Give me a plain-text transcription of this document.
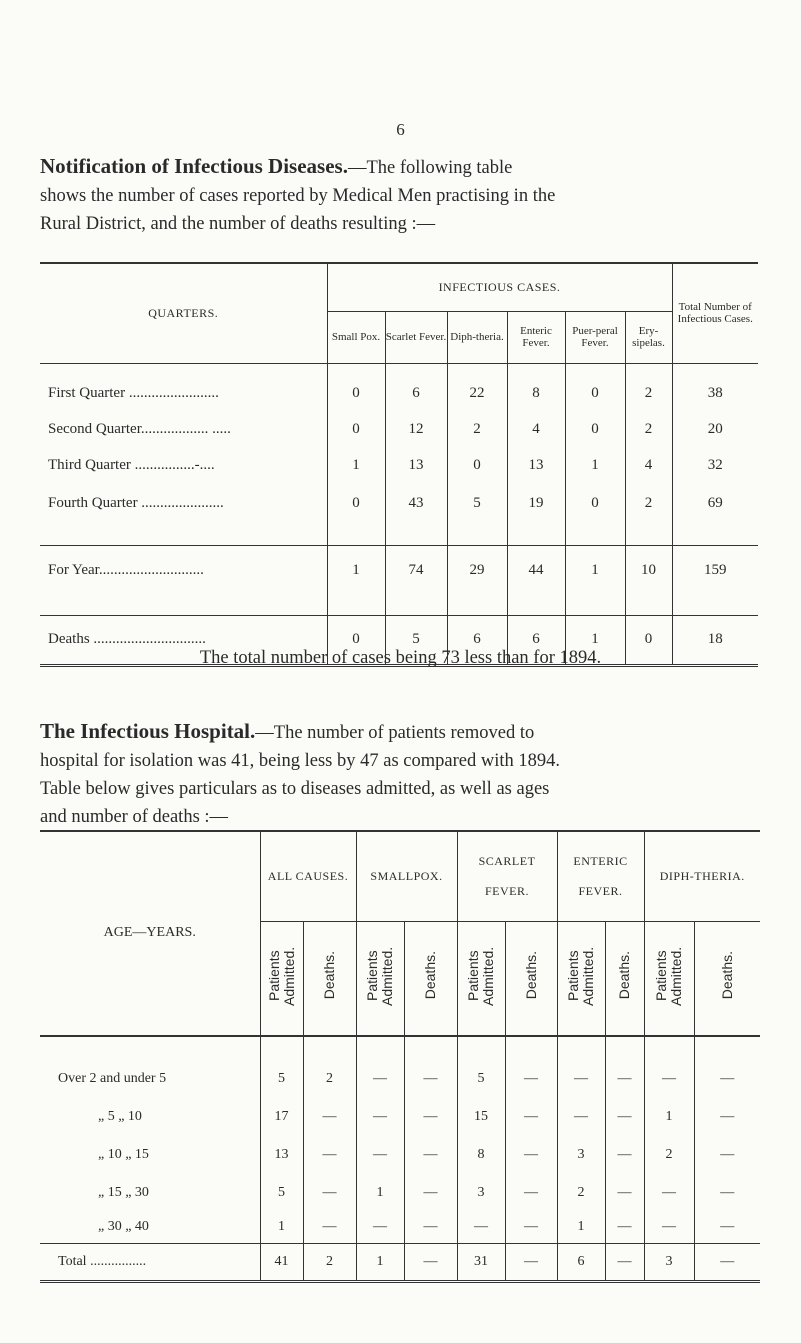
6
Notification of Infectious Diseases.—The following table
shows the number of cases reported by Medical Men practising in the
Rural District, and the number of deaths resulting :—
QUARTERS.	INFECTIOUS CASES.						Total Number of Infectious Cases.
	Small Pox.	Scarlet Fever.	Diph-theria.	Enteric Fever.	Puer-peral Fever.	Ery-sipelas.	

First Quarter ........................	0	6	22	8	0	2	38
Second Quarter.................. .....	0	12	2	4	0	2	20
Third Quarter ................-....	1	13	0	13	1	4	32
Fourth Quarter ......................	0	43	5	19	0	2	69

For Year............................	1	74	29	44	1	10	159

Deaths ..............................	0	5	6	6	1	0	18
The total number of cases being 73 less than for 1894.
The Infectious Hospital.—The number of patients removed to
hospital for isolation was 41, being less by 47 as compared with 1894.
Table below gives particulars as to diseases admitted, as well as ages
and number of deaths :—
AGE—YEARS.	ALL CAUSES.		SMALLPOX.		SCARLET FEVER.		ENTERIC FEVER.		DIPH-THERIA.	
	Patients Admitted.	Deaths.	Patients Admitted.	Deaths.	Patients Admitted.	Deaths.	Patients Admitted.	Deaths.	Patients Admitted.	Deaths.

Over 2 and under 5	5	2	—	—	5	—	—	—	—	—
„ 5 „ 10	17	—	—	—	15	—	—	—	1	—
„ 10 „ 15	13	—	—	—	8	—	3	—	2	—
„ 15 „ 30	5	—	1	—	3	—	2	—	—	—
„ 30 „ 40	1	—	—	—	—	—	1	—	—	—
Total ................	41	2	1	—	31	—	6	—	3	—
